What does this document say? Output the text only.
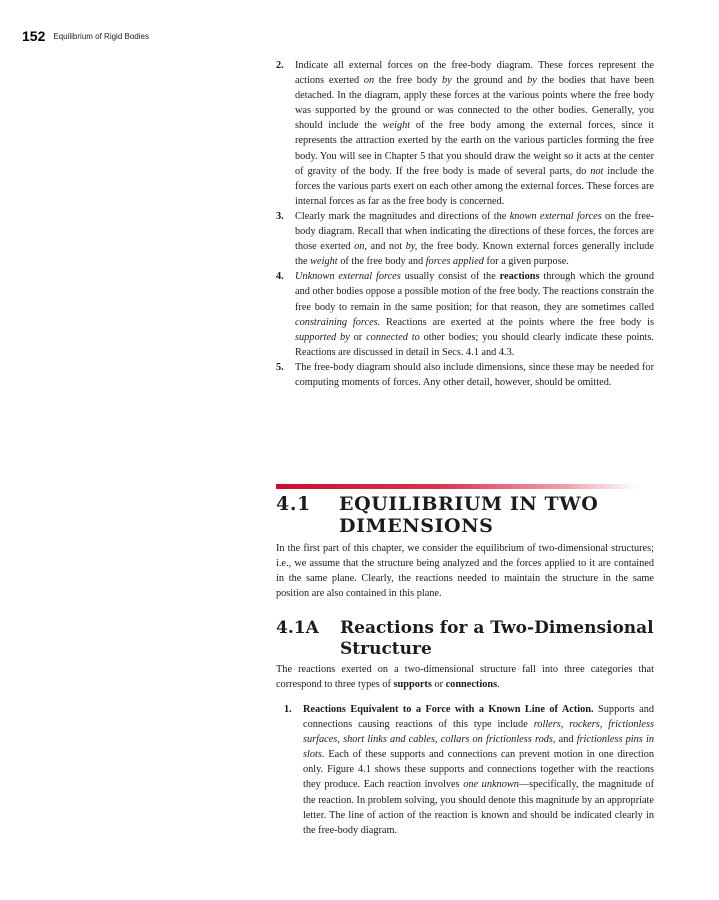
152 Equilibrium of Rigid Bodies
2. Indicate all external forces on the free-body diagram. These forces represent the actions exerted on the free body by the ground and by the bodies that have been detached. In the diagram, apply these forces at the various points where the free body was supported by the ground or was connected to the other bodies. Generally, you should include the weight of the free body among the external forces, since it represents the attraction exerted by the earth on the various particles forming the free body. You will see in Chapter 5 that you should draw the weight so it acts at the center of gravity of the body. If the free body is made of several parts, do not include the forces the various parts exert on each other among the external forces. These forces are internal forces as far as the free body is concerned.
3. Clearly mark the magnitudes and directions of the known external forces on the free-body diagram. Recall that when indicating the directions of these forces, the forces are those exerted on, and not by, the free body. Known external forces generally include the weight of the free body and forces applied for a given purpose.
4. Unknown external forces usually consist of the reactions through which the ground and other bodies oppose a possible motion of the free body. The reactions constrain the free body to remain in the same position; for that reason, they are sometimes called constraining forces. Reactions are exerted at the points where the free body is supported by or connected to other bodies; you should clearly indicate these points. Reactions are discussed in detail in Secs. 4.1 and 4.3.
5. The free-body diagram should also include dimensions, since these may be needed for computing moments of forces. Any other detail, however, should be omitted.
4.1 EQUILIBRIUM IN TWO DIMENSIONS
In the first part of this chapter, we consider the equilibrium of two-dimensional structures; i.e., we assume that the structure being analyzed and the forces applied to it are contained in the same plane. Clearly, the reactions needed to maintain the structure in the same position are also contained in this plane.
4.1A Reactions for a Two-Dimensional Structure
The reactions exerted on a two-dimensional structure fall into three categories that correspond to three types of supports or connections.
1. Reactions Equivalent to a Force with a Known Line of Action. Supports and connections causing reactions of this type include rollers, rockers, frictionless surfaces, short links and cables, collars on frictionless rods, and frictionless pins in slots. Each of these supports and connections can prevent motion in one direction only. Figure 4.1 shows these supports and connections together with the reactions they produce. Each reaction involves one unknown—specifically, the magnitude of the reaction. In problem solving, you should denote this magnitude by an appropriate letter. The line of action of the reaction is known and should be indicated clearly in the free-body diagram.
